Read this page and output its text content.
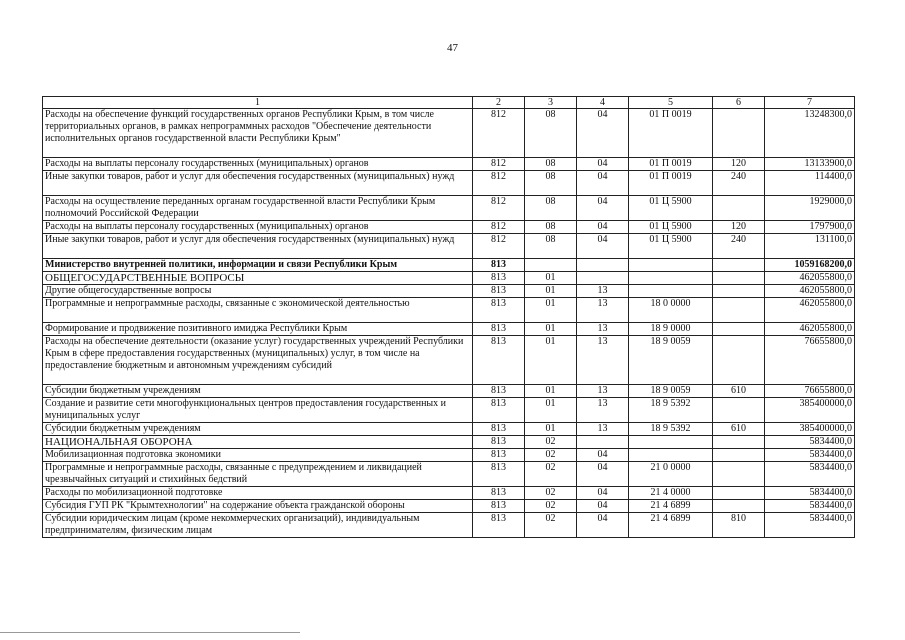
47
1	2	3	4	5	6	7
Расходы на обеспечение функций государственных органов Республики Крым, в том числе территориальных органов, в рамках непрограммных расходов "Обеспечение деятельности исполнительных органов государственной власти Республики Крым"	812	08	04	01 П 0019		13248300,0
Расходы на выплаты персоналу государственных (муниципальных) органов	812	08	04	01 П 0019	120	13133900,0
Иные закупки товаров, работ и услуг для обеспечения государственных (муниципальных) нужд	812	08	04	01 П 0019	240	114400,0
Расходы на осуществление переданных органам государственной власти Республики Крым полномочий Российской Федерации	812	08	04	01 Ц 5900		1929000,0
Расходы на выплаты персоналу государственных (муниципальных) органов	812	08	04	01 Ц 5900	120	1797900,0
Иные закупки товаров, работ и услуг для обеспечения государственных (муниципальных) нужд	812	08	04	01 Ц 5900	240	131100,0
Министерство внутренней политики, информации и связи Республики Крым	813					1059168200,0
ОБЩЕГОСУДАРСТВЕННЫЕ ВОПРОСЫ	813	01				462055800,0
Другие общегосударственные вопросы	813	01	13			462055800,0
Программные и непрограммные расходы, связанные с экономической деятельностью	813	01	13	18 0 0000		462055800,0
Формирование и продвижение позитивного имиджа Республики Крым	813	01	13	18 9 0000		462055800,0
Расходы на обеспечение деятельности (оказание услуг) государственных учреждений Республики Крым в сфере предоставления государственных (муниципальных) услуг, в том числе на предоставление бюджетным и автономным учреждениям субсидий	813	01	13	18 9 0059		76655800,0
Субсидии бюджетным учреждениям	813	01	13	18 9 0059	610	76655800,0
Создание и развитие сети многофункциональных центров предоставления государственных и муниципальных услуг	813	01	13	18 9 5392		385400000,0
Субсидии бюджетным учреждениям	813	01	13	18 9 5392	610	385400000,0
НАЦИОНАЛЬНАЯ ОБОРОНА	813	02				5834400,0
Мобилизационная подготовка экономики	813	02	04			5834400,0
Программные и непрограммные расходы, связанные с предупреждением и ликвидацией чрезвычайных ситуаций и стихийных бедствий	813	02	04	21 0 0000		5834400,0
Расходы по мобилизационной подготовке	813	02	04	21 4 0000		5834400,0
Субсидия ГУП РК "Крымтехнологии" на содержание объекта гражданской обороны	813	02	04	21 4 6899		5834400,0
Субсидии юридическим лицам (кроме некоммерческих организаций), индивидуальным предпринимателям, физическим лицам	813	02	04	21 4 6899	810	5834400,0
